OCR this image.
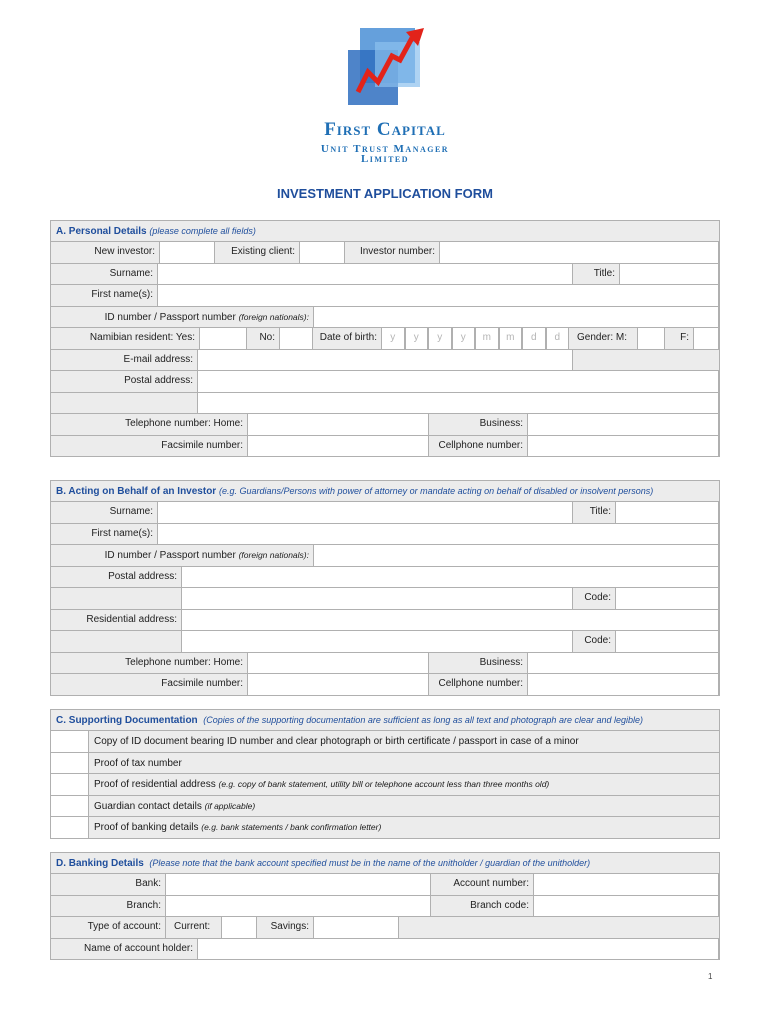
First Capital
Unit Trust Manager
Limited
INVESTMENT APPLICATION FORM
A. Personal Details (please complete all fields)
New investor:	Existing client:	Investor number:
Surname:	Title:
First name(s):
ID number / Passport number (foreign nationals):
Namibian resident: Yes:	No:	Date of birth:	y	y	y	y	m	m	d	d	Gender: M:	F:
E-mail address:
Postal address:
Telephone number: Home:	Business:
Facsimile number:	Cellphone number:
B. Acting on Behalf of an Investor (e.g. Guardians/Persons with power of attorney or mandate acting on behalf of disabled or insolvent persons)
Surname:	Title:
First name(s):
ID number / Passport number (foreign nationals):
Postal address:
Code:
Residential address:
Code:
Telephone number: Home:	Business:
Facsimile number:	Cellphone number:
C. Supporting Documentation (Copies of the supporting documentation are sufficient as long as all text and photograph are clear and legible)
Copy of ID document bearing ID number and clear photograph or birth certificate / passport in case of a minor
Proof of tax number
Proof of residential address (e.g. copy of bank statement, utility bill or telephone account less than three months old)
Guardian contact details (if applicable)
Proof of banking details (e.g. bank statements / bank confirmation letter)
D. Banking Details (Please note that the bank account specified must be in the name of the unitholder / guardian of the unitholder)
Bank:	Account number:
Branch:	Branch code:
Type of account:	Current:	Savings:
Name of account holder:
1
